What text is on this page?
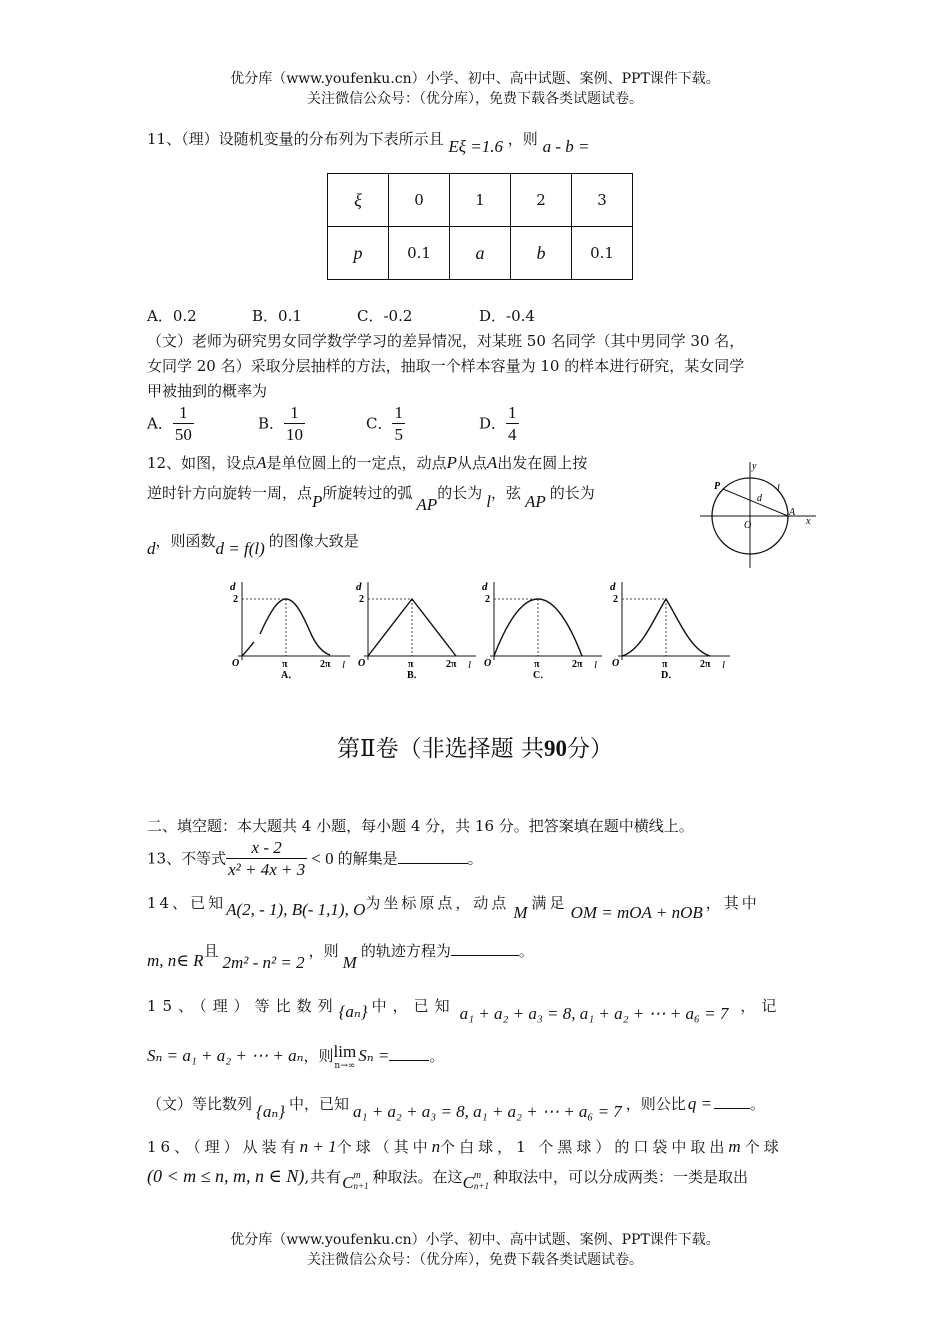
优分库（www.youfenku.cn）小学、初中、高中试题、案例、PPT课件下载。
关注微信公众号：（优分库），免费下载各类试题试卷。
11、（理）设随机变量的分布列为下表所示且 Eξ =1.6 ，则 a - b =
ξ	0	1	2	3
p	0.1	a	b	0.1
A．0.2	B．0.1	C．-0.2	D．-0.4
（文）老师为研究男女同学数学学习的差异情况，对某班 50 名同学（其中男同学 30 名，
女同学 20 名）采取分层抽样的方法，抽取一个样本容量为 10 的样本进行研究，某女同学
甲被抽到的概率为
A． $\frac{1}{50}$	B． $\frac{1}{10}$	C． $\frac{1}{5}$	D． $\frac{1}{4}$
12、如图，设点A是单位圆上的一定点，动点P从点A出发在圆上按
逆时针方向旋转一周，点P所旋转过的弧AP的长为 l，弦 AP 的长为
d，则函数d = f(l) 的图像大致是
y
P
d
l
O
A
x
d
2
O	π	2π l
A．
d
2
O	π	2π l
B．
d
2
O	π	2π l
C．
d
2
O	π	2π l
D．
第Ⅱ卷（非选择题 共90分）
二、填空题：本大题共 4 小题，每小题 4 分，共 16 分。把答案填在题中横线上。
13、不等式 $\frac{x - 2}{\text{x² + 4x + 3}} < 0$ 的解集是	。
14、已知A(2, - 1), B(- 1,1), O为坐标原点，动点 M 满足 OM = mOA + nOB ，其中
m, n∈ R且2m² - n² = 2，则M的轨迹方程为	。
15、（理）等比数列{aₙ} 中，已知 a₁ + a₂ + a₃ = 8, a₁ + a₂ + ⋯ + a₆ = 7 ，记
Sₙ = a₁ + a₂ + ⋯ + aₙ，则 lim
n→∞
Sₙ =	。
（文）等比数列 {aₙ} 中，已知 a₁ + a₂ + a₃ = 8, a₁ + a₂ + ⋯ + a₆ = 7 ，则公比 q =	。
16、（理）从装有n + 1个球（其中n个白球，1 个黑球）的口袋中取出m 个球
(0 < m ≤ n, m, n ∈ N),共有C m
n+1 种取法。在这C m
n+1 种取法中，可以分成两类：一类是取出
优分库（www.youfenku.cn）小学、初中、高中试题、案例、PPT课件下载。
关注微信公众号：（优分库），免费下载各类试题试卷。
